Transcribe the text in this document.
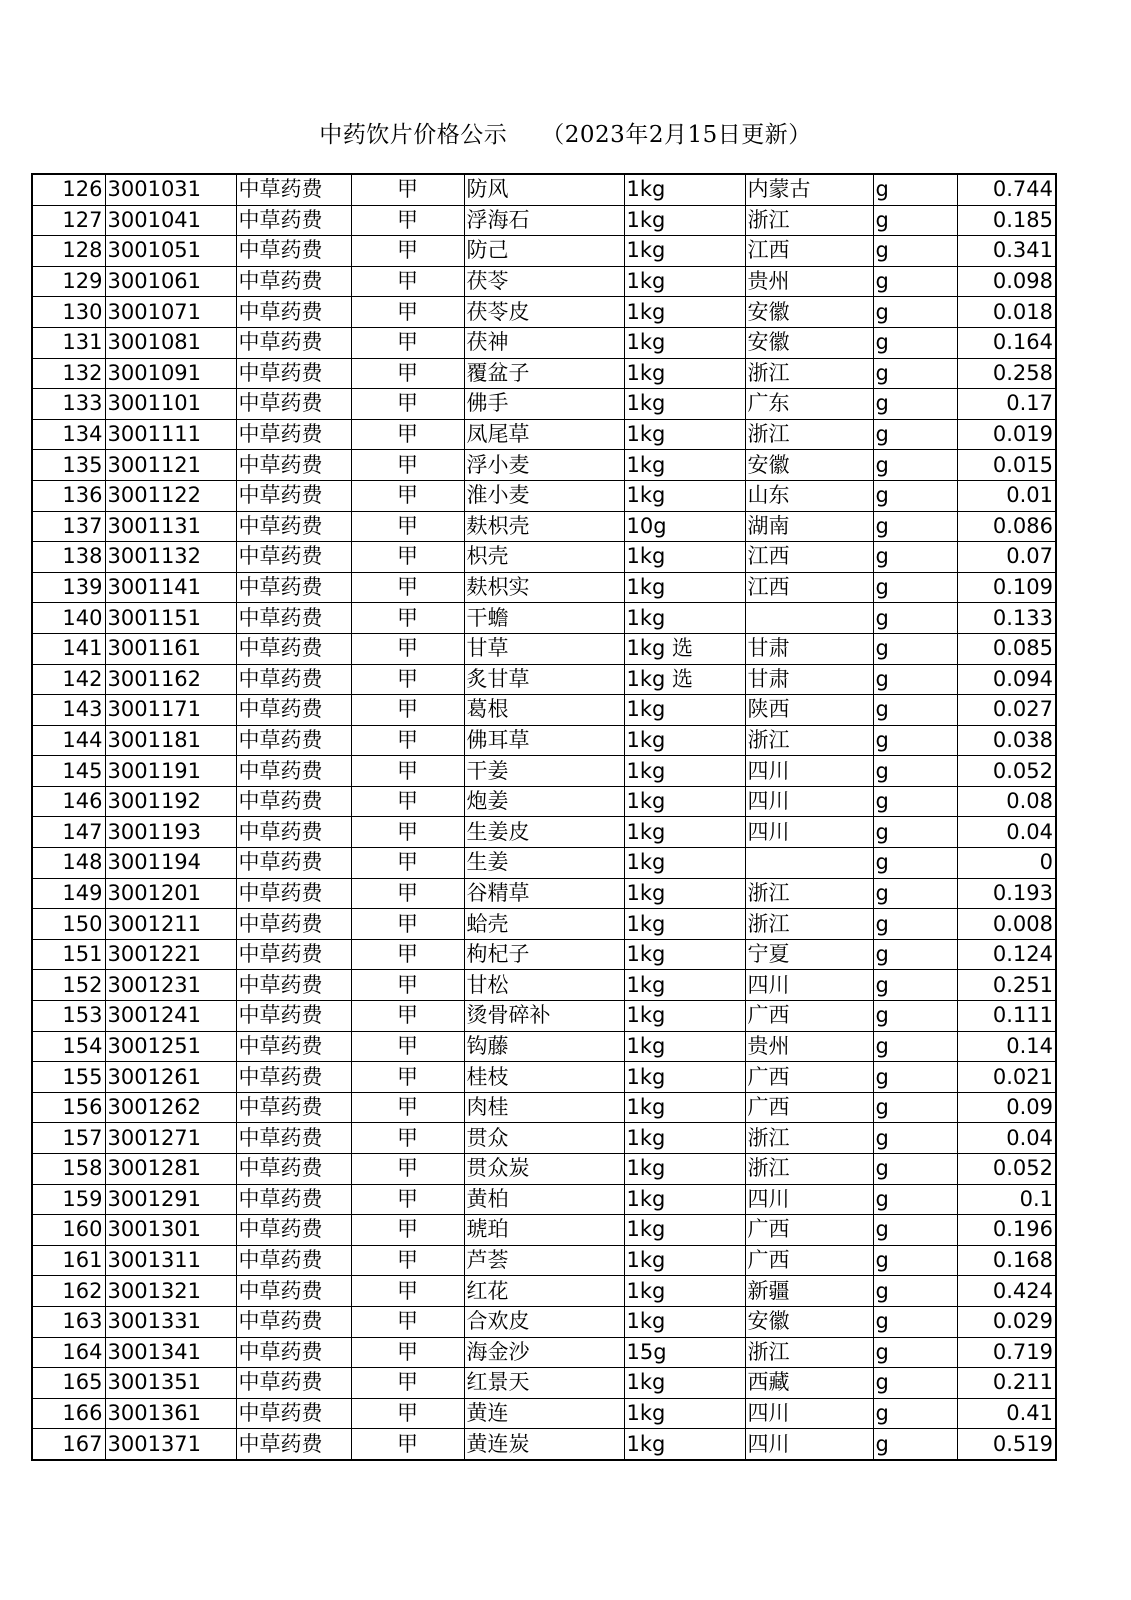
中药饮片价格公示 （2023年2月15日更新）
126	3001031	中草药费	甲	防风	1kg	内蒙古	g	0.744
127	3001041	中草药费	甲	浮海石	1kg	浙江	g	0.185
128	3001051	中草药费	甲	防己	1kg	江西	g	0.341
129	3001061	中草药费	甲	茯苓	1kg	贵州	g	0.098
130	3001071	中草药费	甲	茯苓皮	1kg	安徽	g	0.018
131	3001081	中草药费	甲	茯神	1kg	安徽	g	0.164
132	3001091	中草药费	甲	覆盆子	1kg	浙江	g	0.258
133	3001101	中草药费	甲	佛手	1kg	广东	g	0.17
134	3001111	中草药费	甲	凤尾草	1kg	浙江	g	0.019
135	3001121	中草药费	甲	浮小麦	1kg	安徽	g	0.015
136	3001122	中草药费	甲	淮小麦	1kg	山东	g	0.01
137	3001131	中草药费	甲	麸枳壳	10g	湖南	g	0.086
138	3001132	中草药费	甲	枳壳	1kg	江西	g	0.07
139	3001141	中草药费	甲	麸枳实	1kg	江西	g	0.109
140	3001151	中草药费	甲	干蟾	1kg		g	0.133
141	3001161	中草药费	甲	甘草	1kg 选	甘肃	g	0.085
142	3001162	中草药费	甲	炙甘草	1kg 选	甘肃	g	0.094
143	3001171	中草药费	甲	葛根	1kg	陕西	g	0.027
144	3001181	中草药费	甲	佛耳草	1kg	浙江	g	0.038
145	3001191	中草药费	甲	干姜	1kg	四川	g	0.052
146	3001192	中草药费	甲	炮姜	1kg	四川	g	0.08
147	3001193	中草药费	甲	生姜皮	1kg	四川	g	0.04
148	3001194	中草药费	甲	生姜	1kg		g	0
149	3001201	中草药费	甲	谷精草	1kg	浙江	g	0.193
150	3001211	中草药费	甲	蛤壳	1kg	浙江	g	0.008
151	3001221	中草药费	甲	枸杞子	1kg	宁夏	g	0.124
152	3001231	中草药费	甲	甘松	1kg	四川	g	0.251
153	3001241	中草药费	甲	烫骨碎补	1kg	广西	g	0.111
154	3001251	中草药费	甲	钩藤	1kg	贵州	g	0.14
155	3001261	中草药费	甲	桂枝	1kg	广西	g	0.021
156	3001262	中草药费	甲	肉桂	1kg	广西	g	0.09
157	3001271	中草药费	甲	贯众	1kg	浙江	g	0.04
158	3001281	中草药费	甲	贯众炭	1kg	浙江	g	0.052
159	3001291	中草药费	甲	黄柏	1kg	四川	g	0.1
160	3001301	中草药费	甲	琥珀	1kg	广西	g	0.196
161	3001311	中草药费	甲	芦荟	1kg	广西	g	0.168
162	3001321	中草药费	甲	红花	1kg	新疆	g	0.424
163	3001331	中草药费	甲	合欢皮	1kg	安徽	g	0.029
164	3001341	中草药费	甲	海金沙	15g	浙江	g	0.719
165	3001351	中草药费	甲	红景天	1kg	西藏	g	0.211
166	3001361	中草药费	甲	黄连	1kg	四川	g	0.41
167	3001371	中草药费	甲	黄连炭	1kg	四川	g	0.519
